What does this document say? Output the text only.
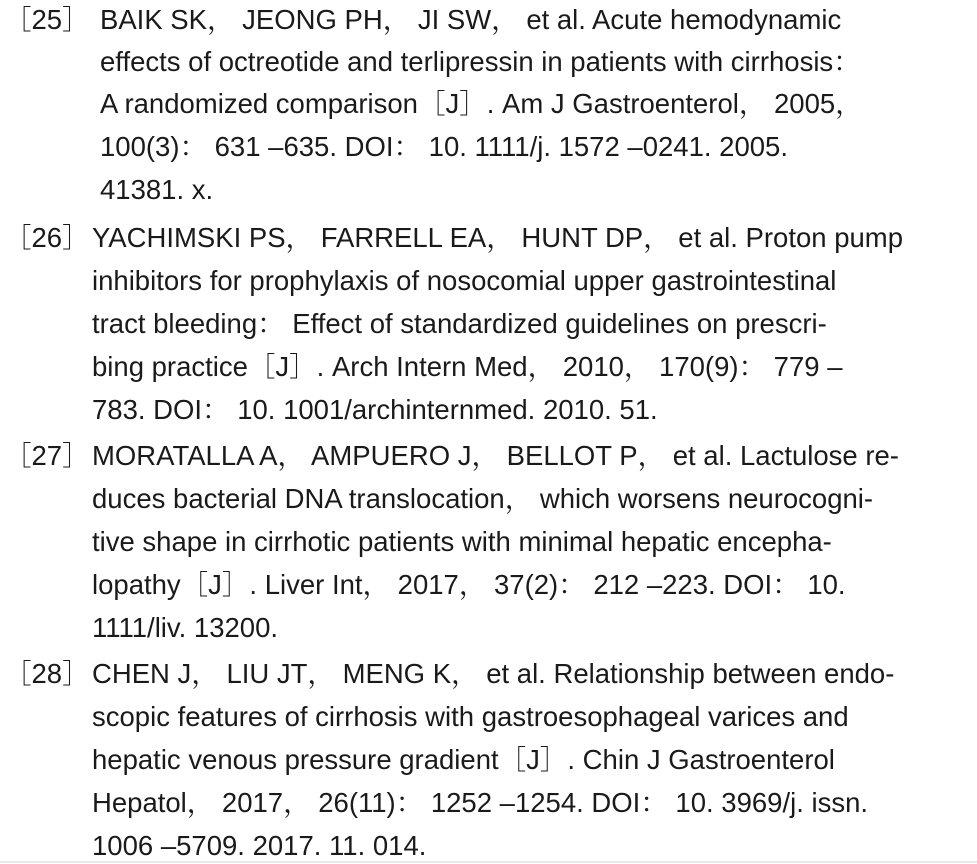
［25］ BAIK SK， JEONG PH， JI SW， et al. Acute hemodynamic
effects of octreotide and terlipressin in patients with cirrhosis：
A randomized comparison［J］. Am J Gastroenterol， 2005，
100(3)： 631 –635. DOI： 10. 1111/j. 1572 –0241. 2005.
41381. x.
［26］ YACHIMSKI PS， FARRELL EA， HUNT DP， et al. Proton pump
inhibitors for prophylaxis of nosocomial upper gastrointestinal
tract bleeding： Effect of standardized guidelines on prescri-
bing practice［J］. Arch Intern Med， 2010， 170(9)： 779 –
783. DOI： 10. 1001/archinternmed. 2010. 51.
［27］ MORATALLA A， AMPUERO J， BELLOT P， et al. Lactulose re-
duces bacterial DNA translocation， which worsens neurocogni-
tive shape in cirrhotic patients with minimal hepatic encepha-
lopathy［J］. Liver Int， 2017， 37(2)： 212 –223. DOI： 10.
1111/liv. 13200.
［28］ CHEN J， LIU JT， MENG K， et al. Relationship between endo-
scopic features of cirrhosis with gastroesophageal varices and
hepatic venous pressure gradient［J］. Chin J Gastroenterol
Hepatol， 2017， 26(11)： 1252 –1254. DOI： 10. 3969/j. issn.
1006 –5709. 2017. 11. 014.
